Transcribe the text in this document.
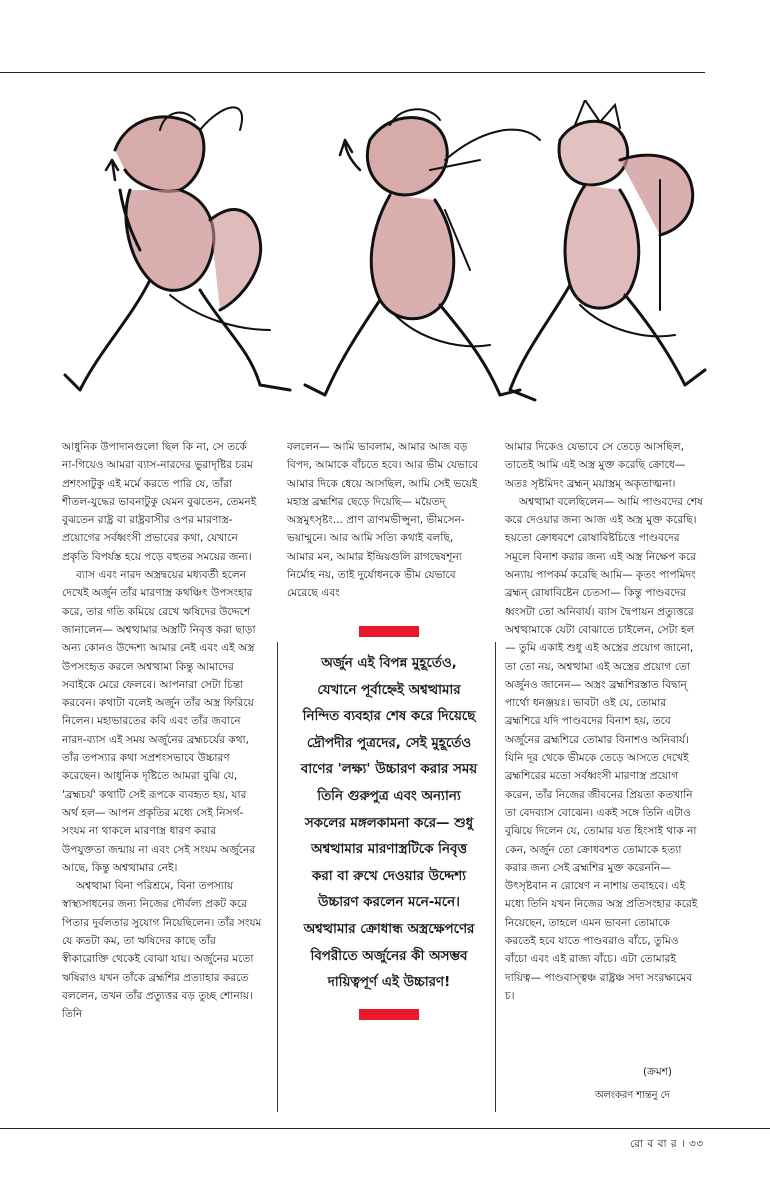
আধুনিক উপাদানগুলো ছিল কি না, সে তর্কে না-গিয়েও আমরা ব্যাস-নারদের ভুরাদৃষ্টির চরম প্রশংসাটুকু এই মর্মে করতে পারি যে, তাঁরা শীতল-যুদ্ধের ভাবনাটুকু যেমন বুঝতেন, তেমনই বুঝতেন রাষ্ট্র বা রাষ্ট্রবাসীর ওপর মারণাস্ত্র-প্রয়োগের সর্বধ্বংসী প্রভাবের কথা, যেখানে প্রকৃতি বিপর্যস্ত হয়ে পড়ে বহুতর সময়ের জন্য।

ব্যাস এবং নারদ অস্ত্রদ্বয়ের মধ্যবর্তী হলেন দেখেই অর্জুন তাঁর মারণাস্ত্র কথঞ্চিৎ উপসংহার করে, তার গতি কমিয়ে রেখে ঋষিদের উদ্দেশে জানালেন— অশ্বত্থামার অস্ত্রটি নিবৃত্ত করা ছাড়া অন্য কোনও উদ্দেশ্য আমার নেই এবং এই অস্ত্র উপসংহৃত করলে অশ্বত্থামা কিন্তু আমাদের সবাইকে মেরে ফেলবে। আপনারা সেটা চিন্তা করবেন। কথাটা বলেই অর্জুন তাঁর অস্ত্র ফিরিয়ে নিলেন। মহাভারতের কবি এবং তাঁর জবানে নারদ-ব্যাস এই সময় অর্জুনের ব্রহ্মচর্যের কথা, তাঁর তপস্যার কথা সপ্রশংসভাবে উচ্চারণ করেছেন। আধুনিক দৃষ্টিতে আমরা বুঝি যে, 'ব্রহ্মচর্য' কথাটি সেই রূপকে ব্যবহৃত হয়, যার অর্থ হল— আপন প্রকৃতির মধ্যে সেই নিসর্গ-সংযম না থাকলে মারণাস্ত্র ধারণ করার উপযুক্ততা জন্মায় না এবং সেই সংযম অর্জুনের আছে, কিন্তু অশ্বত্থামার নেই।

অশ্বত্থামা বিনা পরিশ্রমে, বিনা তপস্যায় স্বাস্থ্যসাধনের জন্য নিজের দৌর্বল্য প্রকট করে পিতার দুর্বলতার সুযোগ নিয়েছিলেন। তাঁর সংযম যে কতটা কম, তা ঋষিদের কাছে তাঁর স্বীকারোক্তি থেকেই বোঝা যায়। অর্জুনের মতো ঋষিরাও যখন তাঁকে ব্রহ্মশির প্রত্যাহার করতে বললেন, তখন তাঁর প্রত্যুত্তর বড় তুচ্ছ শোনায়। তিনি

বললেন— আমি ভাবলাম, আমার আজ বড় বিপদ, আমাকে বাঁচতে হবে। আর ভীম যেভাবে আমার দিকে ধেয়ে আসছিল, আমি সেই ভয়েই মহাস্ত্র ব্রহ্মশির ছেড়ে দিয়েছি— ময়ৈতদ্ অস্ত্রমুৎসৃষ্টং... প্রাণ ত্রাণমভীপ্সুনা, ভীমসেন-ভয়াম্মুনে। আর আমি সত্যি কথাই বলছি, আমার মন, আমার ইন্দ্রিয়গুলি রাগদ্বেষশূন্য নির্মোহ নয়, তাই দুর্যোধনকে ভীম যেভাবে মেরেছে এবং

অর্জুন এই বিপন্ন মুহূর্তেও, যেখানে পূর্বাহ্নেই অশ্বত্থামার নিন্দিত ব্যবহার শেষ করে দিয়েছে দ্রৌপদীর পুত্রদের, সেই মুহূর্তেও বাণের 'লক্ষ্য' উচ্চারণ করার সময় তিনি গুরুপুত্র এবং অন্যান্য সকলের মঙ্গলকামনা করে— শুধু অশ্বত্থামার মারণাস্ত্রটিকে নিবৃত্ত করা বা রুখে দেওয়ার উদ্দেশ্য উচ্চারণ করলেন মনে-মনে। অশ্বত্থামার ক্রোধান্ধ অস্ত্রক্ষেপণের বিপরীতে অর্জুনের কী অসম্ভব দায়িত্বপূর্ণ এই উচ্চারণ!

আমার দিকেও যেভাবে সে তেড়ে আসছিল, তাতেই আমি এই অস্ত্র মুক্ত করেছি ক্রোধে— অতঃ সৃষ্টমিদং ব্রহ্মন্ ময়াস্ত্রম্ অকৃতাত্মনা।

অশ্বত্থামা বলেছিলেন— আমি পাণ্ডবদের শেষ করে দেওয়ার জন্য আজ এই অস্ত্র মুক্ত করেছি। হয়তো ক্রোধবশে রোষাবিষ্টচিত্তে পাণ্ডবদের সমূলে বিনাশ করার জন্য এই অস্ত্র নিক্ষেপ করে অন্যায় পাপকর্ম করেছি আমি— কৃতং পাপমিদং ব্রহ্মন্ রোষাবিষ্টেন চেতসা— কিন্তু পাণ্ডবদের ধ্বংসটা তো অনিবার্য। ব্যাস দ্বৈপায়ন প্রত্যুত্তরে অশ্বত্থামাকে যেটা বোঝাতে চাইলেন, সেটা হল— তুমি একাই শুধু এই অস্ত্রের প্রয়োগ জানো, তা তো নয়, অশ্বত্থামা এই অস্ত্রের প্রয়োগ তো অর্জুনও জানেন— অস্ত্রং ব্রহ্মশিরস্তাত বিদ্বান্ পার্থো ধনঞ্জয়ঃ। ভাবটা ওই যে, তোমার ব্রহ্মশিরে যদি পাণ্ডবদের বিনাশ হয়, তবে অর্জুনের ব্রহ্মশিরে তোমার বিনাশও অনিবার্য। যিনি দূর থেকে ভীমকে তেড়ে আসতে দেখেই ব্রহ্মশিরের মতো সর্বধ্বংসী মারণাস্ত্র প্রয়োগ করেন, তাঁর নিজের জীবনের প্রিয়তা কতখানি তা বেদব্যাস বোঝেন। একই সঙ্গে তিনি এটাও বুঝিয়ে দিলেন যে, তোমার যত হিংসাই থাক না কেন, অর্জুন তো ক্রোধবশত তোমাকে হত্যা করার জন্য সেই ব্রহ্মশির মুক্ত করেননি— উৎসৃষ্টবান ন রোষেণ ন নাশায় তবাহবে। এই মধ্যে তিনি যখন নিজের অস্ত্র প্রতিসংহার করেই নিয়েছেন, তাহলে এমন ভাবনা তোমাকে করতেই হবে যাতে পাণ্ডবরাও বাঁচে, তুমিও বাঁচো এবং এই রাজ্য বাঁচে। এটা তোমারই দায়িত্ব— পাণ্ডবাস্ত্বঞ্চ রাষ্ট্রঞ্চ সদা সংরক্ষ্যমেব চ।

(ক্রমশ)
অলংকরণ শান্তনু দে
রো ব বা র । ৩৩
